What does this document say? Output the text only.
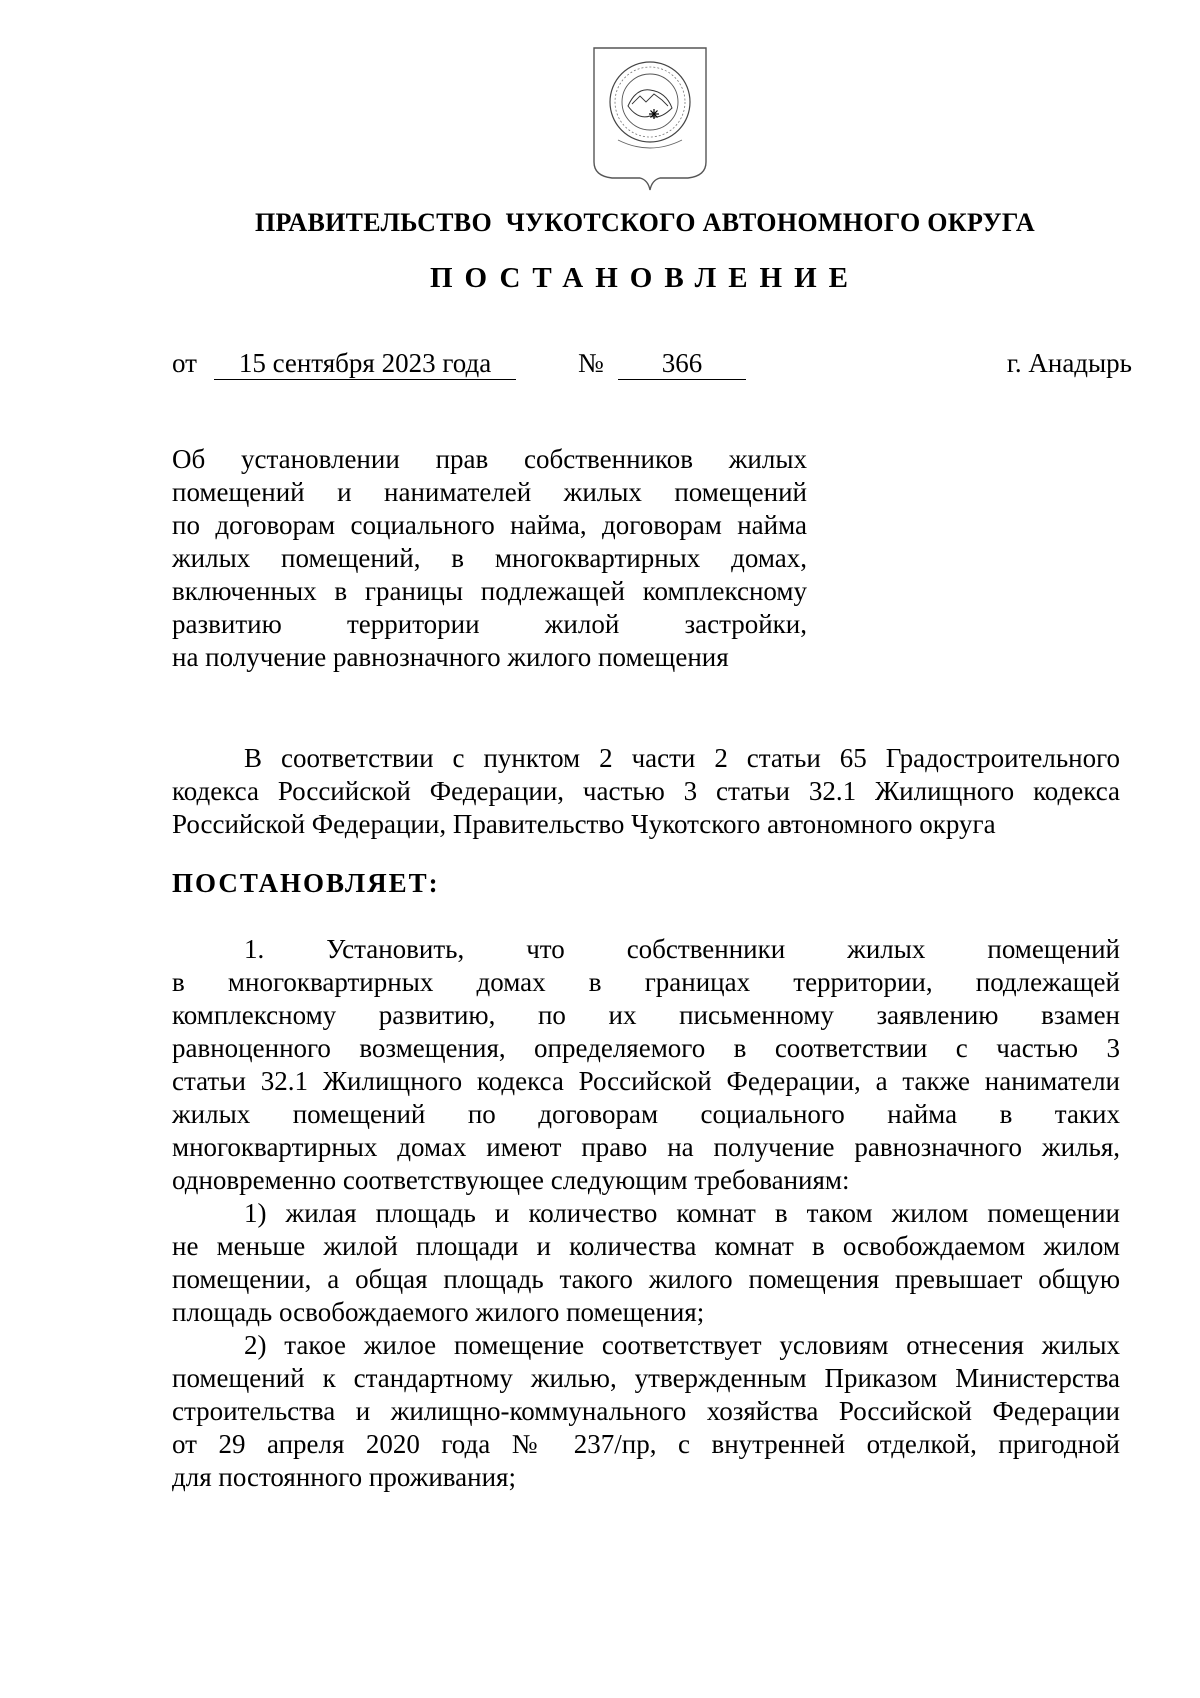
ПРАВИТЕЛЬСТВО  ЧУКОТСКОГО АВТОНОМНОГО ОКРУГА
ПОСТАНОВЛЕНИЕ
от	15 сентября 2023 года	№	366	г. Анадырь
Об установлении прав собственников жилых
помещений и нанимателей жилых помещений
по договорам социального найма, договорам найма
жилых помещений, в многоквартирных домах,
включенных в границы подлежащей комплексному
развитию территории жилой застройки,
на получение равнозначного жилого помещения
В соответствии с пунктом 2 части 2 статьи 65 Градостроительного
кодекса Российской Федерации, частью 3 статьи 32.1 Жилищного кодекса
Российской Федерации, Правительство Чукотского автономного округа
ПОСТАНОВЛЯЕТ:
1. Установить, что собственники жилых помещений
в многоквартирных домах в границах территории, подлежащей
комплексному развитию, по их письменному заявлению взамен
равноценного возмещения, определяемого в соответствии с частью 3
статьи 32.1 Жилищного кодекса Российской Федерации, а также наниматели
жилых помещений по договорам социального найма в таких
многоквартирных домах имеют право на получение равнозначного жилья,
одновременно соответствующее следующим требованиям:
1) жилая площадь и количество комнат в таком жилом помещении
не меньше жилой площади и количества комнат в освобождаемом жилом
помещении, а общая площадь такого жилого помещения превышает общую
площадь освобождаемого жилого помещения;
2) такое жилое помещение соответствует условиям отнесения жилых
помещений к стандартному жилью, утвержденным Приказом Министерства
строительства и жилищно-коммунального хозяйства Российской Федерации
от 29 апреля 2020 года № 237/пр, с внутренней отделкой, пригодной
для постоянного проживания;
